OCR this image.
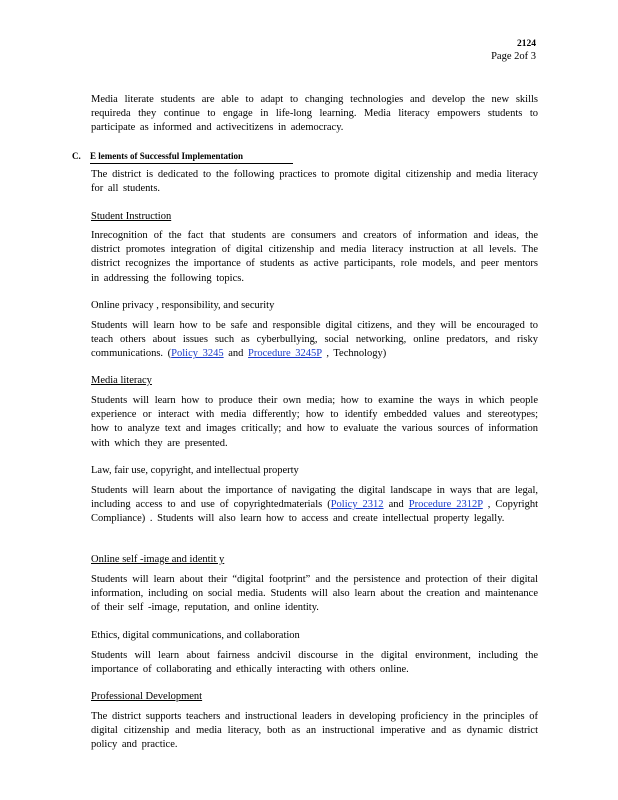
2124
Page 2of 3
Media literate students are able to adapt to changing technologies and develop the new skills requireda they continue to engage in life-long learning. Media literacy empowers students to participate as informed and activecitizens in ademocracy.
C. E lements of Successful Implementation
The district is dedicated to the following practices to promote digital citizenship and media literacy for all students.
Student Instruction
Inrecognition of the fact that students are consumers and creators of information and ideas, the district promotes integration of digital citizenship and media literacy instruction at all levels. The district recognizes the importance of students as active participants, role models, and peer mentors in addressing the following topics.
Online privacy , responsibility, and security
Students will learn how to be safe and responsible digital citizens, and they will be encouraged to teach others about issues such as cyberbullying, social networking, online predators, and risky communications. (Policy 3245 and Procedure 3245P , Technology)
Media literacy
Students will learn how to produce their own media; how to examine the ways in which people experience or interact with media differently; how to identify embedded values and stereotypes; how to analyze text and images critically; and how to evaluate the various sources of information with which they are presented.
Law, fair use, copyright, and intellectual property
Students will learn about the importance of navigating the digital landscape in ways that are legal, including access to and use of copyrightedmaterials (Policy 2312 and Procedure 2312P , Copyright Compliance) . Students will also learn how to access and create intellectual property legally.
Online self -image and identit y
Students will learn about their “digital footprint” and the persistence and protection of their digital information, including on social media. Students will also learn about the creation and maintenance of their self -image, reputation, and online identity.
Ethics, digital communications, and collaboration
Students will learn about fairness andcivil discourse in the digital environment, including the importance of collaborating and ethically interacting with others online.
Professional Development
The district supports teachers and instructional leaders in developing proficiency in the principles of digital citizenship and media literacy, both as an instructional imperative and as dynamic district policy and practice.
